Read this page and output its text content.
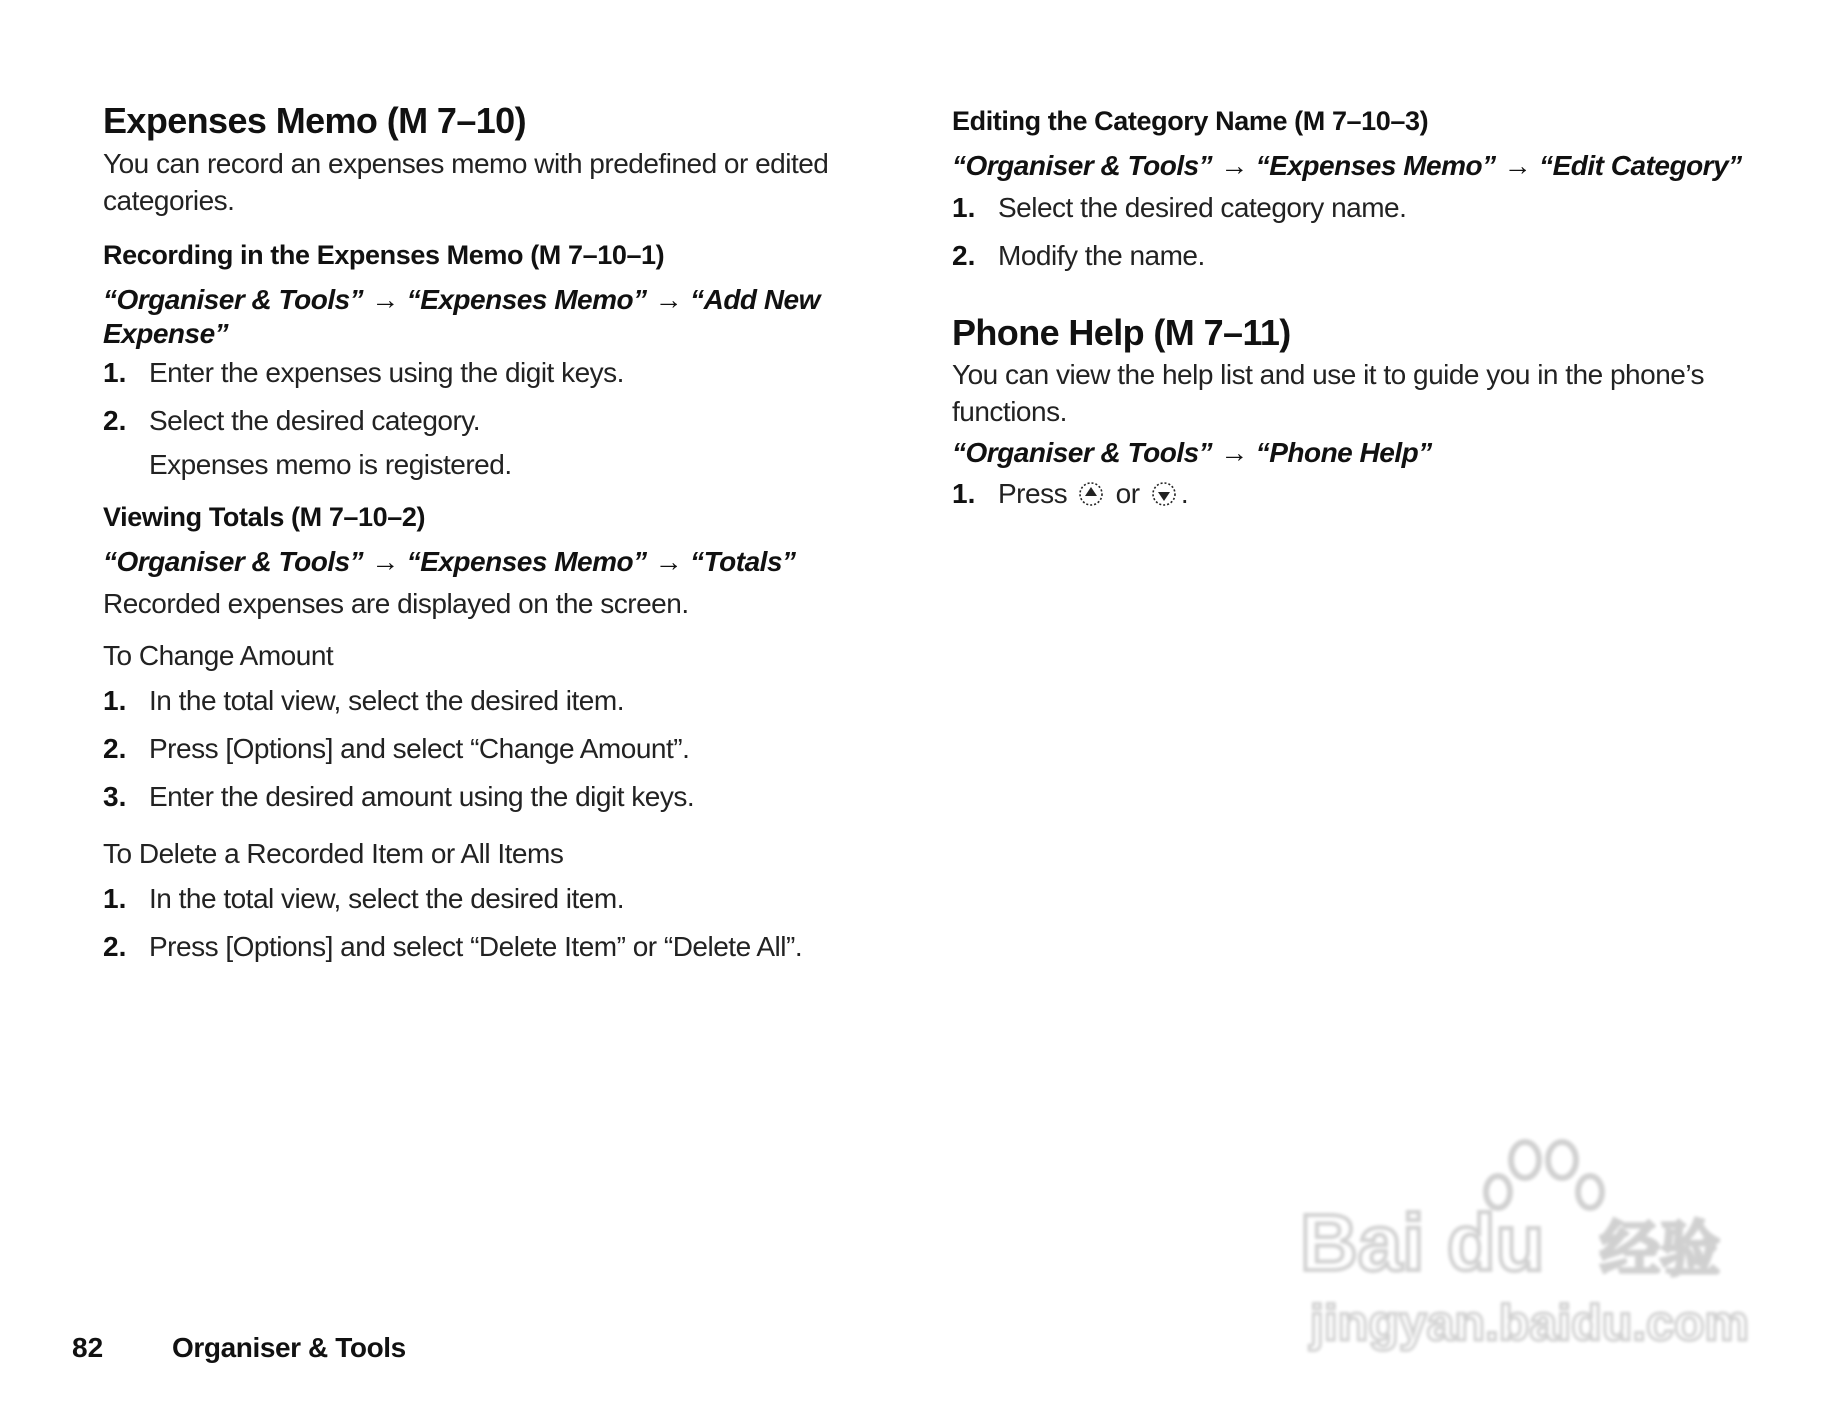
Expenses Memo (M 7–10)
You can record an expenses memo with predefined or edited
categories.
Recording in the Expenses Memo (M 7–10–1)
“Organiser & Tools” → “Expenses Memo” → “Add New
Expense”
1. Enter the expenses using the digit keys.
2. Select the desired category.
Expenses memo is registered.
Viewing Totals (M 7–10–2)
“Organiser & Tools” → “Expenses Memo” → “Totals”
Recorded expenses are displayed on the screen.
To Change Amount
1. In the total view, select the desired item.
2. Press [Options] and select “Change Amount”.
3. Enter the desired amount using the digit keys.
To Delete a Recorded Item or All Items
1. In the total view, select the desired item.
2. Press [Options] and select “Delete Item” or “Delete All”.
Editing the Category Name (M 7–10–3)
“Organiser & Tools” → “Expenses Memo” → “Edit Category”
1. Select the desired category name.
2. Modify the name.
Phone Help (M 7–11)
You can view the help list and use it to guide you in the phone’s
functions.
“Organiser & Tools” → “Phone Help”
1. Press or .
82 Organiser & Tools
Bai du 经验
jingyan.baidu.com
